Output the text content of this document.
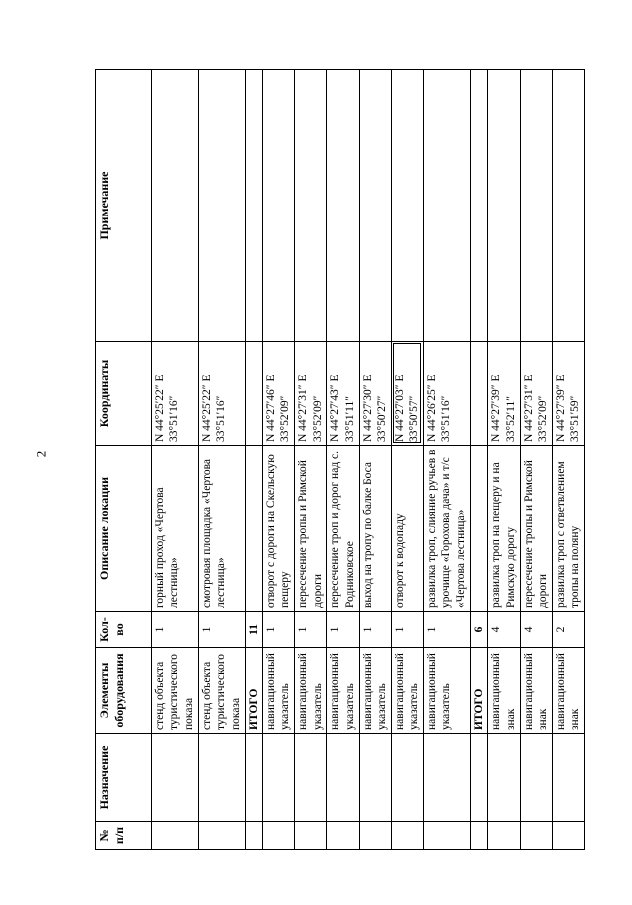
2
№ п/п	Назначение	Элементы оборудования	Кол-во	Описание локации	Координаты	Примечание
		стенд объекта туристического показа	1	горный проход «Чертова лестница»	N 44°25′22″ E 33°51′16″	
		стенд объекта туристического показа	1	смотровая площадка «Чертова лестница»	N 44°25′22″ E 33°51′16″	
		ИТОГО	11			
		навигационный указатель	1	отворот с дороги на Скельскую пещеру	N 44°27′46″ E 33°52′09″	
		навигационный указатель	1	пересечение тропы и Римской дороги	N 44°27′31″ E 33°52′09″	
		навигационный указатель	1	пересечение троп и дорог над с. Родниковское	N 44°27′43″ E 33°51′11″	
		навигационный указатель	1	выход на тропу по балке Боса	N 44°27′30″ E 33°50′27″	
		навигационный указатель	1	отворот к водопаду	N 44°27′03″ E 33°50′57″	
		навигационный указатель	1	развилка троп, слияние ручьев в урочище «Горохова дача» и т/с «Чертова лестница»	N 44°26′25″ E 33°51′16″	
		ИТОГО	6			
		навигационный знак	4	развилка троп на пещеру и на Римскую дорогу	N 44°27′39″ E 33°52′11″	
		навигационный знак	4	пересечение тропы и Римской дороги	N 44°27′31″ E 33°52′09″	
		навигационный знак	2	развилка троп с ответвлением тропы на поляну	N 44°27′39″ E 33°51′59″	
